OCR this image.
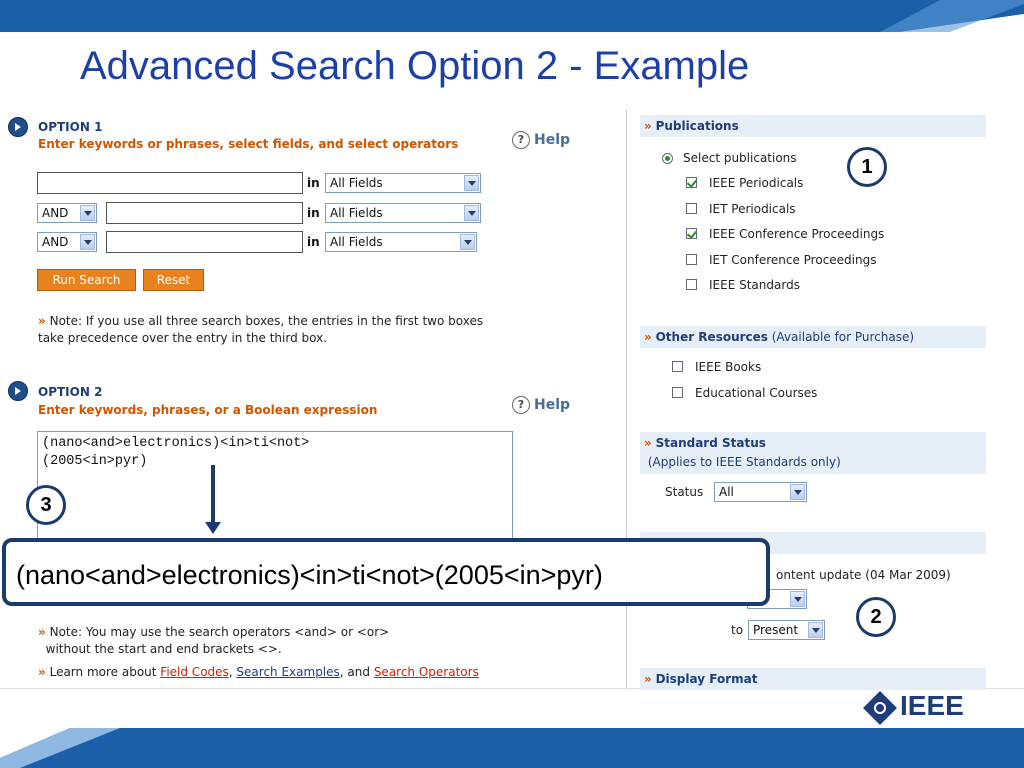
Advanced Search Option 2 - Example
OPTION 1
Enter keywords or phrases, select fields, and select operators	? Help
in All Fields
AND	in All Fields
AND	in All Fields
Run Search	Reset
» Note: If you use all three search boxes, the entries in the first two boxes
take precedence over the entry in the third box.
OPTION 2
Enter keywords, phrases, or a Boolean expression	? Help
(nano<and>electronics)<in>ti<not>
(2005<in>pyr)
» Note: You may use the search operators <and> or <or>
without the start and end brackets <>.
» Learn more about Field Codes, Search Examples, and Search Operators
» Publications
Select publications
IEEE Periodicals
IET Periodicals
IEEE Conference Proceedings
IET Conference Proceedings
IEEE Standards
» Other Resources (Available for Purchase)
IEEE Books
Educational Courses
» Standard Status
(Applies to IEEE Standards only)
Status	All
ontent update (04 Mar 2009)
to Present
» Display Format
(nano<and>electronics)<in>ti<not>(2005<in>pyr)
3
1
2
IEEE
